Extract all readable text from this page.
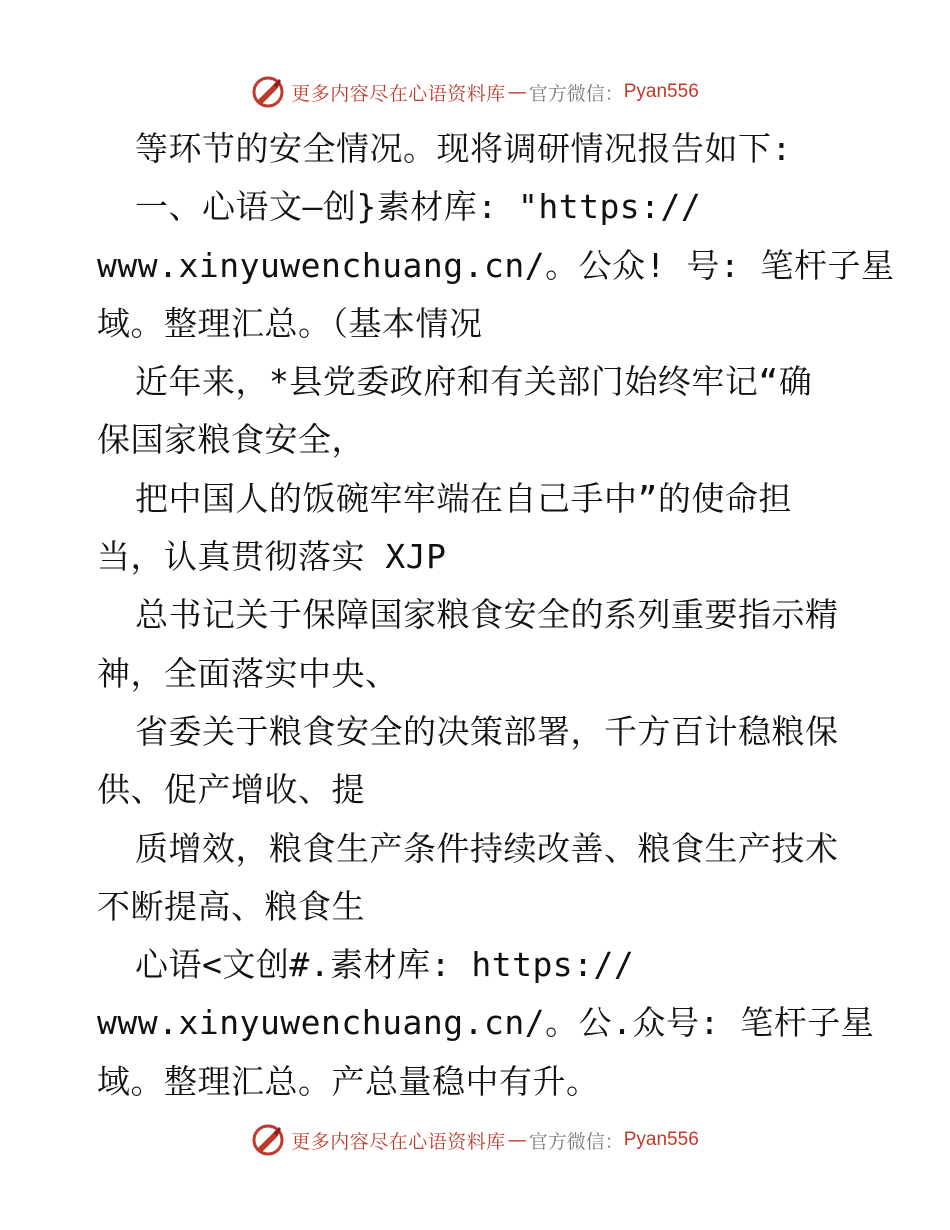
更多内容尽在心语资料库 — 官方微信： Pyan556
等环节的安全情况。现将调研情况报告如下:
一、心语文—创}素材库: "https://
www.xinyuwenchuang.cn/。公众! 号: 笔杆子星
域。整理汇总。（基本情况
近年来，*县党委政府和有关部门始终牢记“确
保国家粮食安全，
把中国人的饭碗牢牢端在自己手中”的使命担
当，认真贯彻落实 XJP
总书记关于保障国家粮食安全的系列重要指示精
神，全面落实中央、
省委关于粮食安全的决策部署，千方百计稳粮保
供、促产增收、提
质增效，粮食生产条件持续改善、粮食生产技术
不断提高、粮食生
心语<文创#.素材库: https://
www.xinyuwenchuang.cn/。公.众号: 笔杆子星
域。整理汇总。产总量稳中有升。
更多内容尽在心语资料库 — 官方微信： Pyan556
